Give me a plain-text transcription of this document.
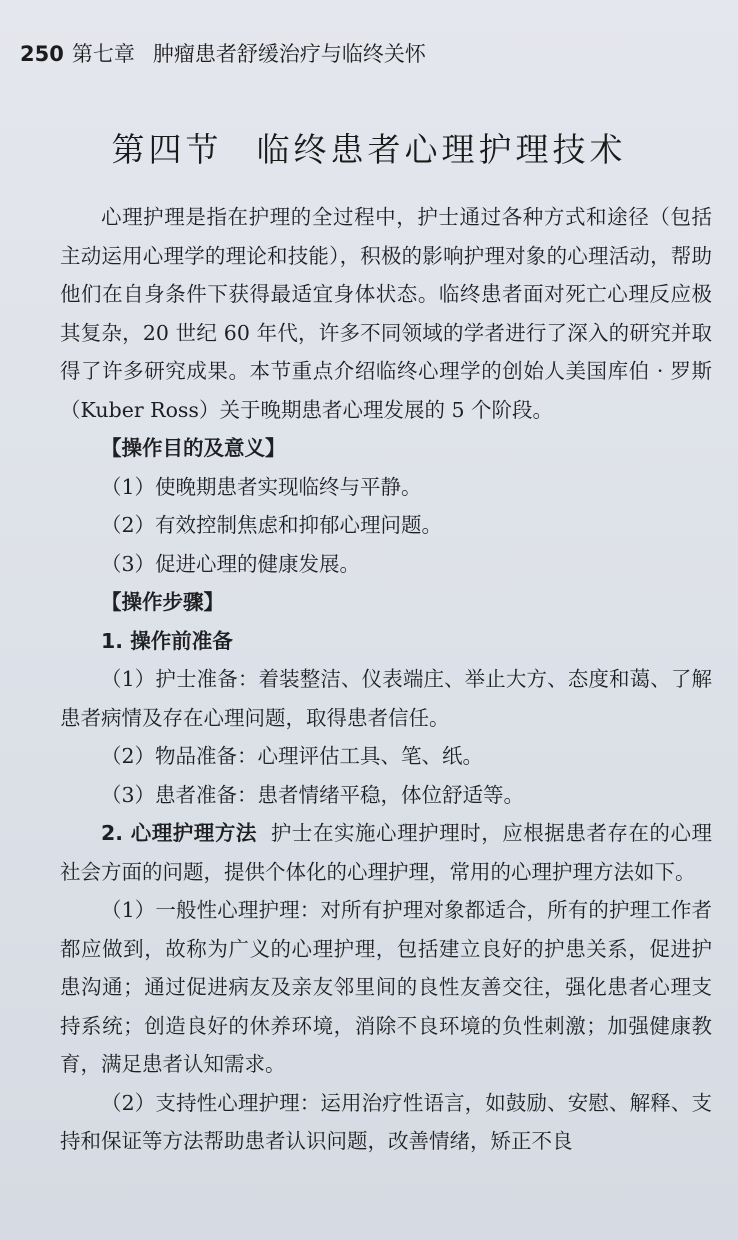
250 第七章 肿瘤患者舒缓治疗与临终关怀
第四节 临终患者心理护理技术

心理护理是指在护理的全过程中，护士通过各种方式和途径（包括主动运用心理学的理论和技能），积极的影响护理对象的心理活动，帮助他们在自身条件下获得最适宜身体状态。临终患者面对死亡心理反应极其复杂，20 世纪 60 年代，许多不同领域的学者进行了深入的研究并取得了许多研究成果。本节重点介绍临终心理学的创始人美国库伯 · 罗斯（Kuber Ross）关于晚期患者心理发展的 5 个阶段。

【操作目的及意义】

（1）使晚期患者实现临终与平静。

（2）有效控制焦虑和抑郁心理问题。

（3）促进心理的健康发展。

【操作步骤】

1. 操作前准备

（1）护士准备：着装整洁、仪表端庄、举止大方、态度和蔼、了解患者病情及存在心理问题，取得患者信任。

（2）物品准备：心理评估工具、笔、纸。

（3）患者准备：患者情绪平稳，体位舒适等。

2. 心理护理方法 护士在实施心理护理时，应根据患者存在的心理社会方面的问题，提供个体化的心理护理，常用的心理护理方法如下。

（1）一般性心理护理：对所有护理对象都适合，所有的护理工作者都应做到，故称为广义的心理护理，包括建立良好的护患关系，促进护患沟通；通过促进病友及亲友邻里间的良性友善交往，强化患者心理支持系统；创造良好的休养环境，消除不良环境的负性刺激；加强健康教育，满足患者认知需求。

（2）支持性心理护理：运用治疗性语言，如鼓励、安慰、解释、支持和保证等方法帮助患者认识问题，改善情绪，矫正不良
